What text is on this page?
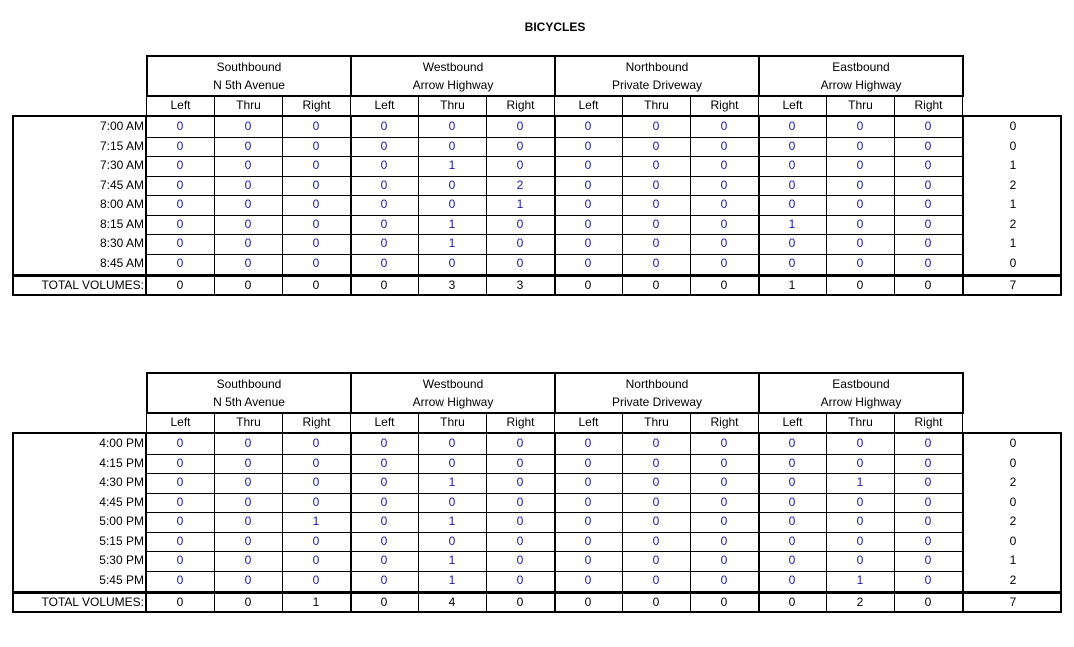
BICYCLES
Southbound
N 5th Avenue
Westbound
Arrow Highway
Northbound
Private Driveway
Eastbound
Arrow Highway
Left	Thru	Right	Left	Thru	Right	Left	Thru	Right	Left	Thru	Right
7:00 AM	0	0	0	0	0	0	0	0	0	0	0	0	0
7:15 AM	0	0	0	0	0	0	0	0	0	0	0	0	0
7:30 AM	0	0	0	0	1	0	0	0	0	0	0	0	1
7:45 AM	0	0	0	0	0	2	0	0	0	0	0	0	2
8:00 AM	0	0	0	0	0	1	0	0	0	0	0	0	1
8:15 AM	0	0	0	0	1	0	0	0	0	1	0	0	2
8:30 AM	0	0	0	0	1	0	0	0	0	0	0	0	1
8:45 AM	0	0	0	0	0	0	0	0	0	0	0	0	0
TOTAL VOLUMES:	0	0	0	0	3	3	0	0	0	1	0	0	7
Southbound
N 5th Avenue
Westbound
Arrow Highway
Northbound
Private Driveway
Eastbound
Arrow Highway
Left	Thru	Right	Left	Thru	Right	Left	Thru	Right	Left	Thru	Right
4:00 PM	0	0	0	0	0	0	0	0	0	0	0	0	0
4:15 PM	0	0	0	0	0	0	0	0	0	0	0	0	0
4:30 PM	0	0	0	0	1	0	0	0	0	0	1	0	2
4:45 PM	0	0	0	0	0	0	0	0	0	0	0	0	0
5:00 PM	0	0	1	0	1	0	0	0	0	0	0	0	2
5:15 PM	0	0	0	0	0	0	0	0	0	0	0	0	0
5:30 PM	0	0	0	0	1	0	0	0	0	0	0	0	1
5:45 PM	0	0	0	0	1	0	0	0	0	0	1	0	2
TOTAL VOLUMES:	0	0	1	0	4	0	0	0	0	0	2	0	7
